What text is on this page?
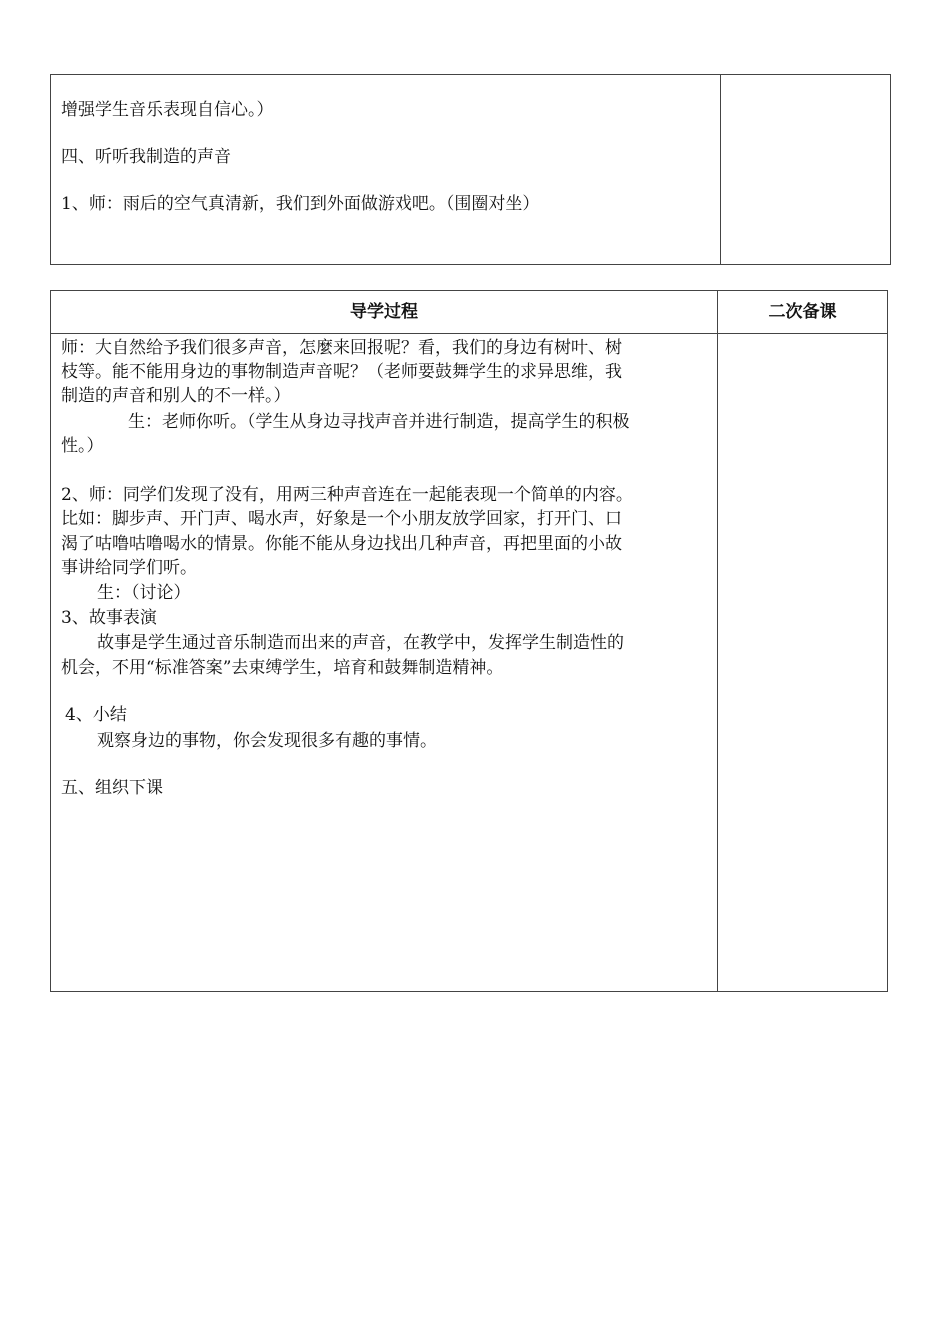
增强学生音乐表现自信心。）
四、听听我制造的声音
1、师：雨后的空气真清新，我们到外面做游戏吧。（围圈对坐）
导学过程	二次备课
师：大自然给予我们很多声音，怎麼来回报呢？看，我们的身边有树叶、树
枝等。能不能用身边的事物制造声音呢？（老师要鼓舞学生的求异思维，我
制造的声音和别人的不一样。）
生：老师你听。（学生从身边寻找声音并进行制造，提高学生的积极
性。）
2、师：同学们发现了没有，用两三种声音连在一起能表现一个简单的内容。
比如：脚步声、开门声、喝水声，好象是一个小朋友放学回家，打开门、口
渴了咕噜咕噜喝水的情景。你能不能从身边找出几种声音，再把里面的小故
事讲给同学们听。
生：（讨论）
3、故事表演
故事是学生通过音乐制造而出来的声音，在教学中，发挥学生制造性的
机会，不用“标准答案”去束缚学生，培育和鼓舞制造精神。
4、小结
观察身边的事物，你会发现很多有趣的事情。
五、组织下课
